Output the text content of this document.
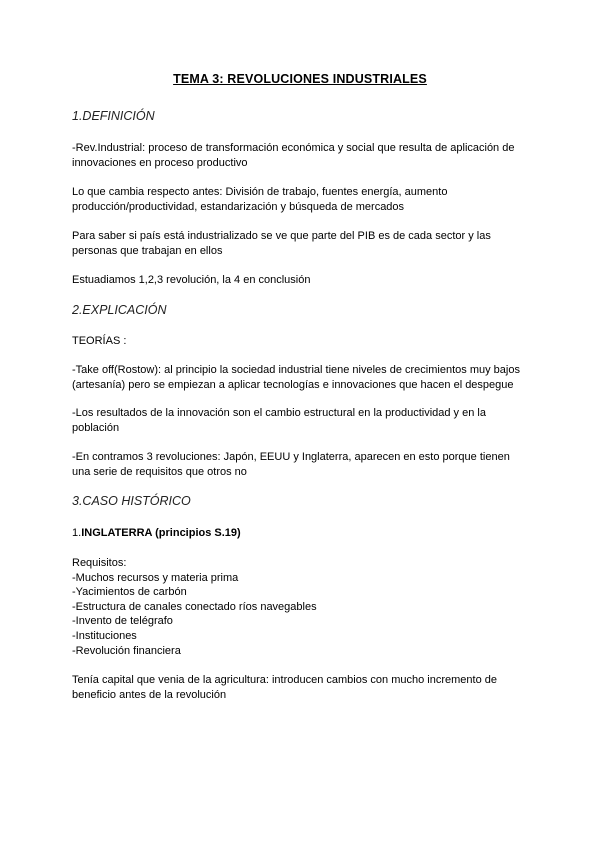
TEMA 3: REVOLUCIONES INDUSTRIALES
1.DEFINICIÓN

-Rev.Industrial: proceso de transformación económica y social que resulta de aplicación de
innovaciones en proceso productivo

Lo que cambia respecto antes: División de trabajo, fuentes energía, aumento
producción/productividad, estandarización y búsqueda de mercados

Para saber si país está industrializado se ve que parte del PIB es de cada sector y las
personas que trabajan en ellos

Estuadiamos 1,2,3 revolución, la 4 en conclusión

2.EXPLICACIÓN

TEORÍAS :

-Take off(Rostow): al principio la sociedad industrial tiene niveles de crecimientos muy bajos
(artesanía) pero se empiezan a aplicar tecnologías e innovaciones que hacen el despegue

-Los resultados de la innovación son el cambio estructural en la productividad y en la
población

-En contramos 3 revoluciones: Japón, EEUU y Inglaterra, aparecen en esto porque tienen
una serie de requisitos que otros no

3.CASO HISTÓRICO

1.INGLATERRA (principios S.19)

Requisitos:
-Muchos recursos y materia prima
-Yacimientos de carbón
-Estructura de canales conectado ríos navegables
-Invento de telégrafo
-Instituciones
-Revolución financiera

Tenía capital que venia de la agricultura: introducen cambios con mucho incremento de
beneficio antes de la revolución
